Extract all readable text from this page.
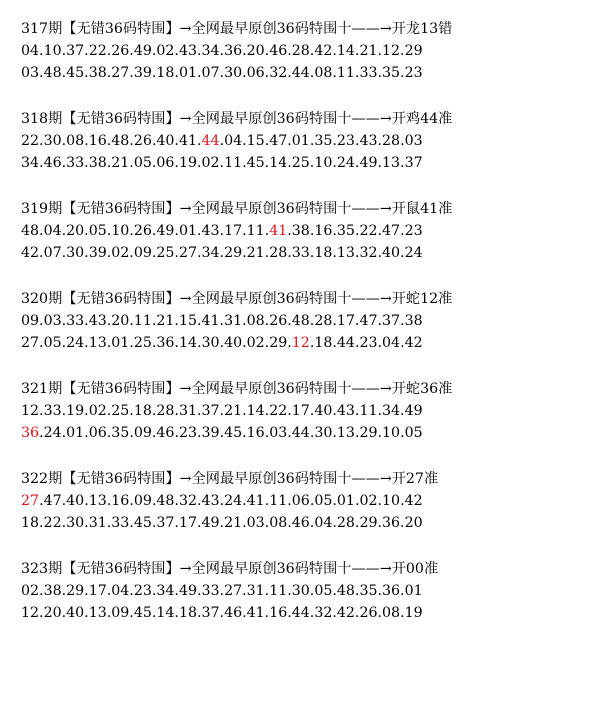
317期【无错36码特围】→全网最早原创36码特围十——→开龙13错
04.10.37.22.26.49.02.43.34.36.20.46.28.42.14.21.12.29
03.48.45.38.27.39.18.01.07.30.06.32.44.08.11.33.35.23
318期【无错36码特围】→全网最早原创36码特围十——→开鸡44准
22.30.08.16.48.26.40.41.44.04.15.47.01.35.23.43.28.03
34.46.33.38.21.05.06.19.02.11.45.14.25.10.24.49.13.37
319期【无错36码特围】→全网最早原创36码特围十——→开鼠41准
48.04.20.05.10.26.49.01.43.17.11.41.38.16.35.22.47.23
42.07.30.39.02.09.25.27.34.29.21.28.33.18.13.32.40.24
320期【无错36码特围】→全网最早原创36码特围十——→开蛇12准
09.03.33.43.20.11.21.15.41.31.08.26.48.28.17.47.37.38
27.05.24.13.01.25.36.14.30.40.02.29.12.18.44.23.04.42
321期【无错36码特围】→全网最早原创36码特围十——→开蛇36准
12.33.19.02.25.18.28.31.37.21.14.22.17.40.43.11.34.49
36.24.01.06.35.09.46.23.39.45.16.03.44.30.13.29.10.05
322期【无错36码特围】→全网最早原创36码特围十——→开27准
27.47.40.13.16.09.48.32.43.24.41.11.06.05.01.02.10.42
18.22.30.31.33.45.37.17.49.21.03.08.46.04.28.29.36.20
323期【无错36码特围】→全网最早原创36码特围十——→开00准
02.38.29.17.04.23.34.49.33.27.31.11.30.05.48.35.36.01
12.20.40.13.09.45.14.18.37.46.41.16.44.32.42.26.08.19
